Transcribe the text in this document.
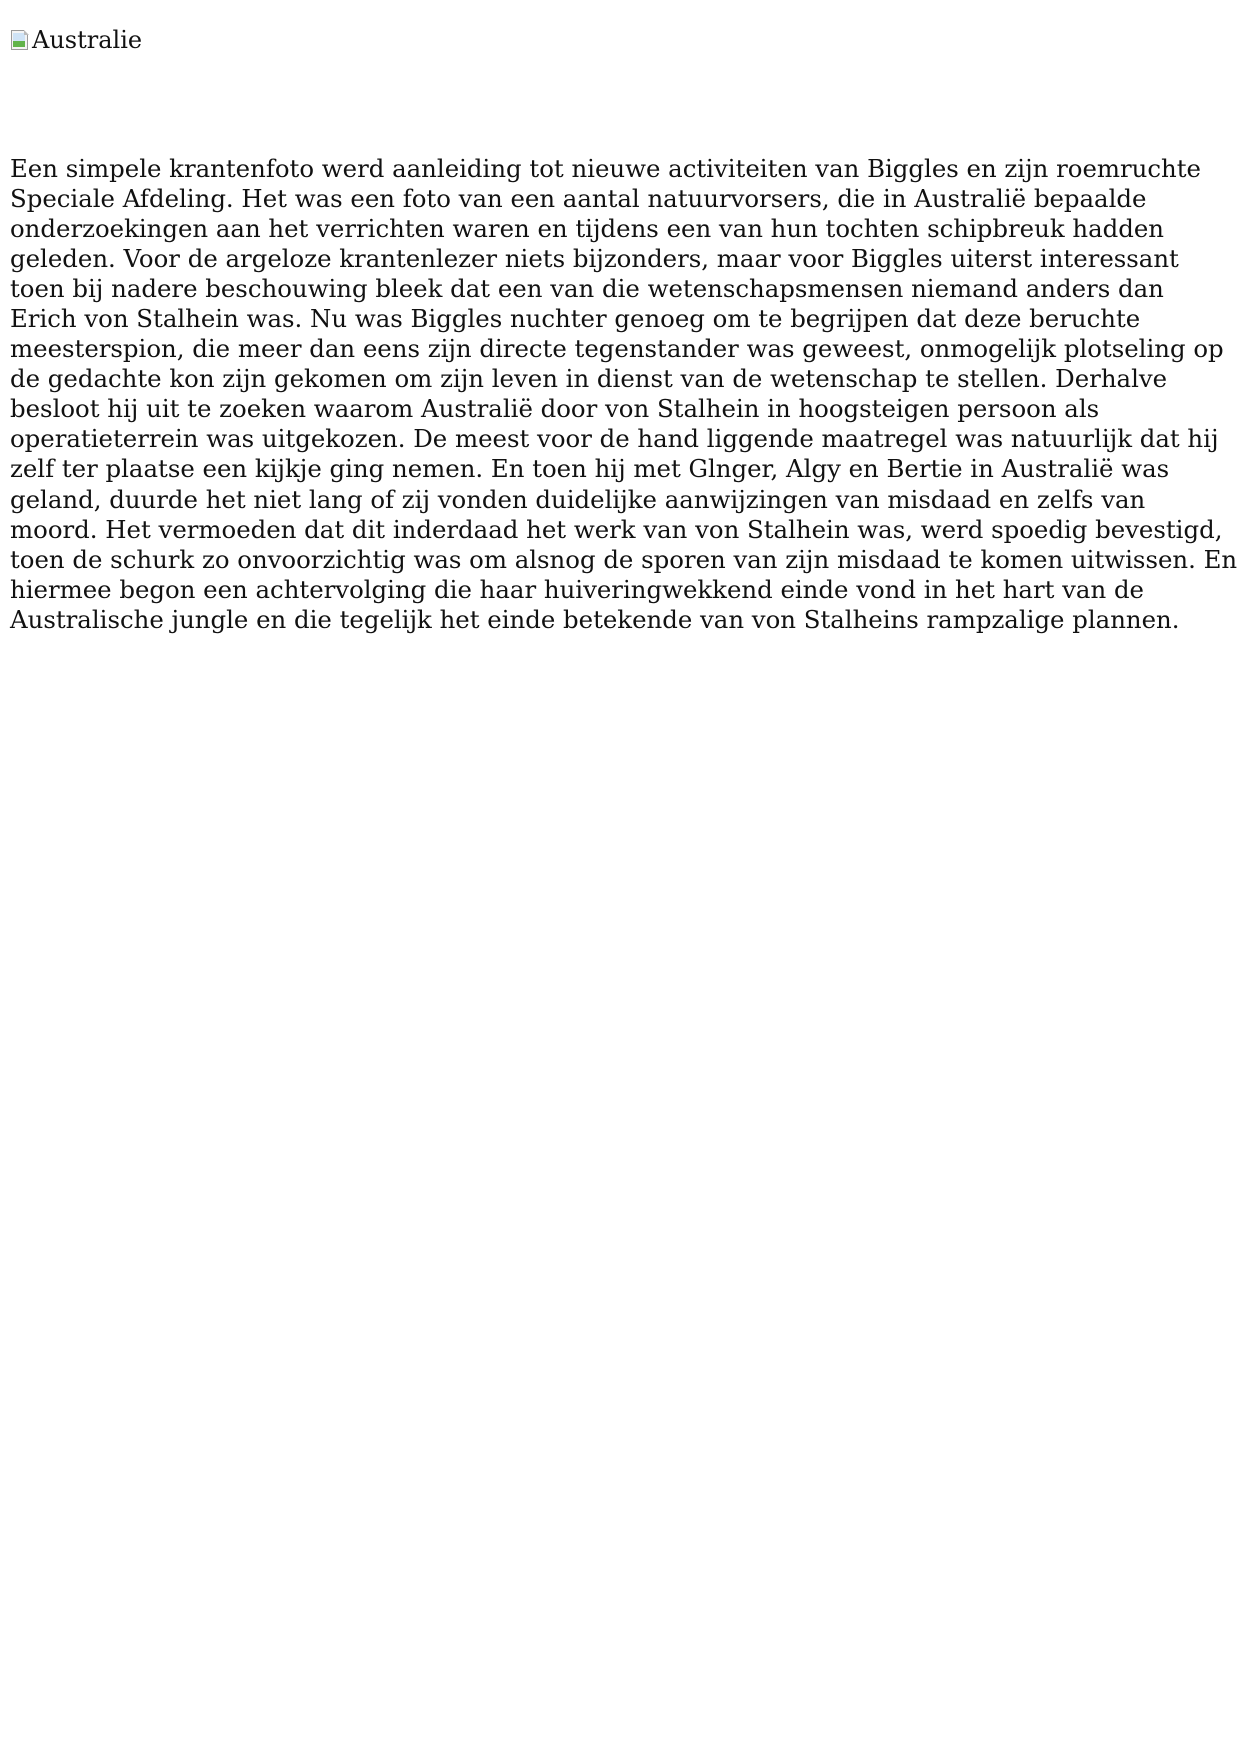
Australie

Een simpele krantenfoto werd aanleiding tot nieuwe activiteiten van Biggles en zijn roemruchte Speciale Afdeling. Het was een foto van een aantal natuurvorsers, die in Australië bepaalde onderzoekingen aan het verrichten waren en tijdens een van hun tochten schipbreuk hadden geleden. Voor de argeloze krantenlezer niets bijzonders, maar voor Biggles uiterst interessant toen bij nadere beschouwing bleek dat een van die wetenschapsmensen niemand anders dan Erich von Stalhein was. Nu was Biggles nuchter genoeg om te begrijpen dat deze beruchte meesterspion, die meer dan eens zijn directe tegenstander was geweest, onmogelijk plotseling op de gedachte kon zijn gekomen om zijn leven in dienst van de wetenschap te stellen. Derhalve besloot hij uit te zoeken waarom Australië door von Stalhein in hoogsteigen persoon als operatieterrein was uitgekozen. De meest voor de hand liggende maatregel was natuurlijk dat hij zelf ter plaatse een kijkje ging nemen. En toen hij met Glnger, Algy en Bertie in Australië was geland, duurde het niet lang of zij vonden duidelijke aanwijzingen van misdaad en zelfs van moord. Het vermoeden dat dit inderdaad het werk van von Stalhein was, werd spoedig bevestigd, toen de schurk zo onvoorzichtig was om alsnog de sporen van zijn misdaad te komen uitwissen. En hiermee begon een achtervolging die haar huiveringwekkend einde vond in het hart van de Australische jungle en die tegelijk het einde betekende van von Stalheins rampzalige plannen.
